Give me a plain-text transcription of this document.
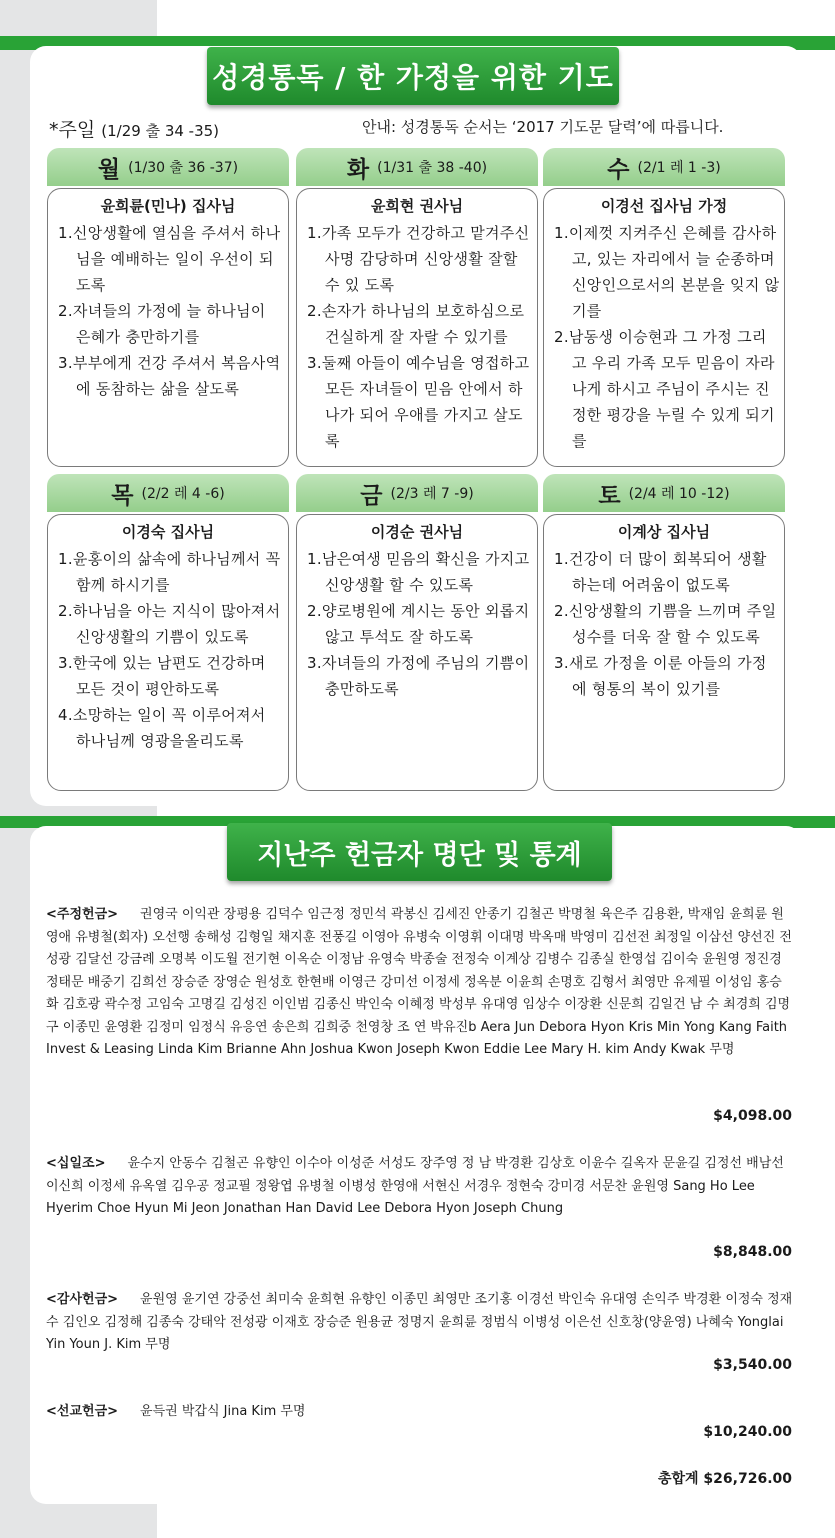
성경통독 / 한 가정을 위한 기도
*주일 (1/29 출 34 -35)	안내: 성경통독 순서는 ‘2017 기도문 달력’에 따릅니다.
월 (1/30 출 36 -37)
윤희륜(민나) 집사님
1.신앙생활에 열심을 주셔서 하나님을 예배하는 일이 우선이 되도록
2.자녀들의 가정에 늘 하나님이 은혜가 충만하기를
3.부부에게 건강 주셔서 복음사역에 동참하는 삶을 살도록
화 (1/31 출 38 -40)
윤희현 권사님
1.가족 모두가 건강하고 맡겨주신 사명 감당하며 신앙생활 잘할 수 있 도록
2.손자가 하나님의 보호하심으로 건실하게 잘 자랄 수 있기를
3.둘째 아들이 예수님을 영접하고 모든 자녀들이 믿음 안에서 하나가 되어 우애를 가지고 살도록
수 (2/1 레 1 -3)
이경선 집사님 가정
1.이제껏 지켜주신 은혜를 감사하고, 있는 자리에서 늘 순종하며 신앙인으로서의 본분을 잊지 않기를
2.남동생 이승현과 그 가정 그리고 우리 가족 모두 믿음이 자라나게 하시고 주님이 주시는 진정한 평강을 누릴 수 있게 되기를
목 (2/2 레 4 -6)
이경숙 집사님
1.윤홍이의 삶속에 하나님께서 꼭 함께 하시기를
2.하나님을 아는 지식이 많아져서 신앙생활의 기쁨이 있도록
3.한국에 있는 남편도 건강하며 모든 것이 평안하도록
4.소망하는 일이 꼭 이루어져서 하나님께 영광을올리도록
금 (2/3 레 7 -9)
이경순 권사님
1.남은여생 믿음의 확신을 가지고 신앙생활 할 수 있도록
2.양로병원에 계시는 동안 외롭지 않고 투석도 잘 하도록
3.자녀들의 가정에 주님의 기쁨이 충만하도록
토 (2/4 레 10 -12)
이계상 집사님
1.건강이 더 많이 회복되어 생활하는데 어려움이 없도록
2.신앙생활의 기쁨을 느끼며 주일성수를 더욱 잘 할 수 있도록
3.새로 가정을 이룬 아들의 가정에 형통의 복이 있기를
지난주 헌금자 명단 및 통계
<주정헌금> 권영국 이익관 장평용 김덕수 임근정 정민석 곽봉신 김세진 안종기 김철곤 박명철 육은주 김용환, 박재임 윤희륜 원영애 유병철(회자) 오선행 송해성 김형일 채지훈 전풍길 이영아 유병숙 이영휘 이대명 박옥매 박영미 김선전 최정일 이삼선 양선진 전성광 김달선 강금례 오명복 이도월 전기현 이옥순 이정남 유영숙 박종술 전정숙 이계상 김병수 김종실 한영섭 김이숙 윤원영 정진경 정태문 배중기 김희선 장승준 장영순 원성호 한현배 이영근 강미선 이정세 정옥분 이윤희 손명호 김형서 최영만 유제필 이성임 홍승화 김호광 곽수정 고임숙 고명길 김성진 이인범 김종신 박인숙 이혜정 박성부 유대영 임상수 이장환 신문희 김일건 남 수 최경희 김명구 이종민 윤영환 김정미 임정식 유응연 송은희 김희중 천영창 조 연 박유진b Aera Jun Debora Hyon Kris Min Yong Kang Faith Invest & Leasing Linda Kim Brianne Ahn Joshua Kwon Joseph Kwon Eddie Lee Mary H. kim Andy Kwak 무명
$4,098.00
<십일조> 윤수지 안동수 김철곤 유향인 이수아 이성준 서성도 장주영 정 남 박경환 김상호 이윤수 길옥자 문윤길 김정선 배남선 이신희 이정세 유옥열 김우공 정교필 정왕엽 유병철 이병성 한영애 서현신 서경우 정현숙 강미경 서문찬 윤원영 Sang Ho Lee Hyerim Choe Hyun Mi Jeon Jonathan Han David Lee Debora Hyon Joseph Chung
$8,848.00
<감사헌금> 윤원영 윤기연 강중선 최미숙 윤희현 유향인 이종민 최영만 조기홍 이경선 박인숙 유대영 손익주 박경환 이정숙 정재수 김인오 김정해 김종숙 강태악 전성광 이재호 장승준 원용균 정명지 윤희륜 정범식 이병성 이은선 신호창(양윤영) 나혜숙 Yonglai Yin Youn J. Kim 무명
$3,540.00
<선교헌금> 윤득권 박갑식 Jina Kim 무명
$10,240.00
총합계 $26,726.00
